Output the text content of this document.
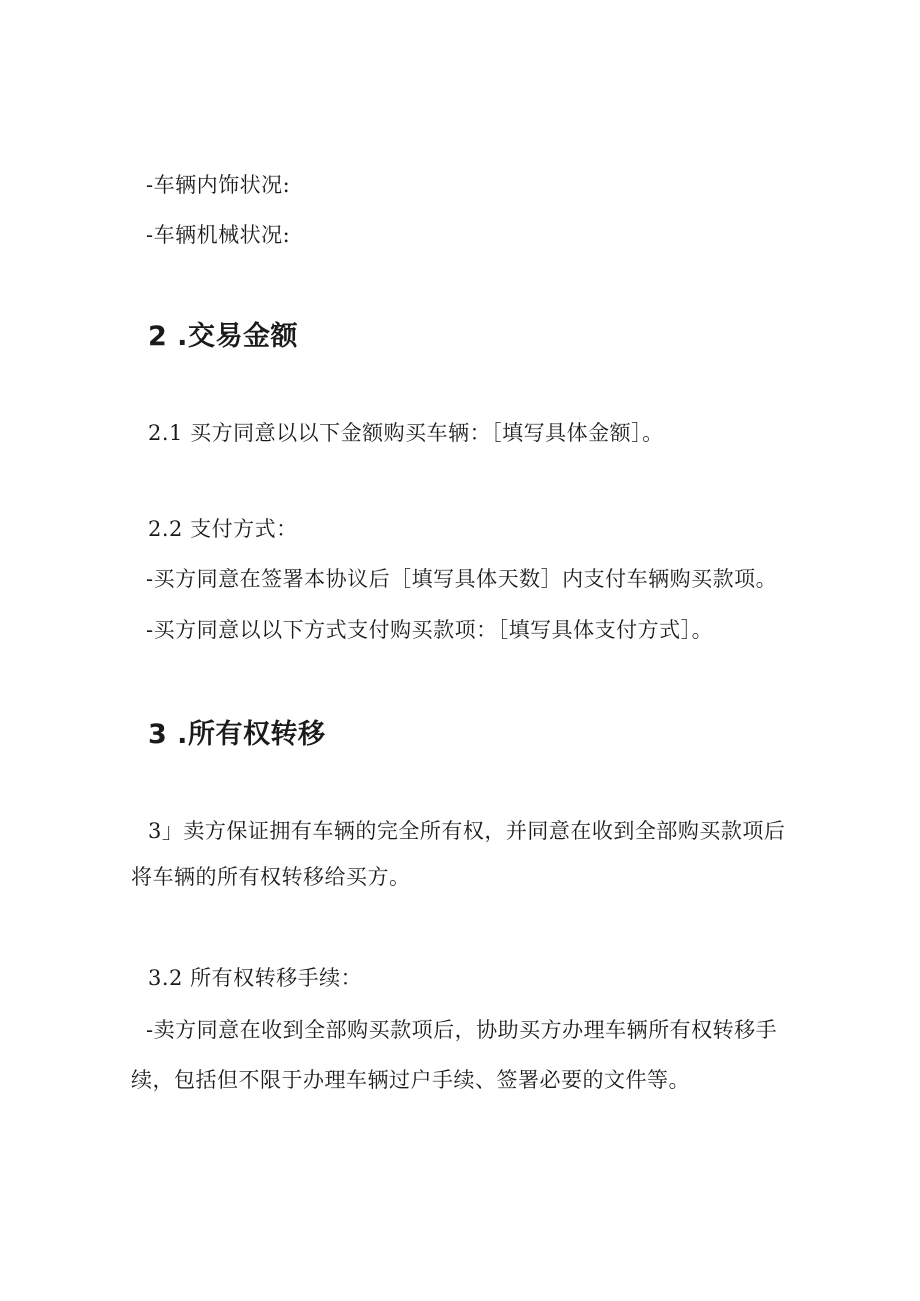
-车辆内饰状况:
-车辆机械状况:
2 .交易金额
2.1 买方同意以以下金额购买车辆：［填写具体金额］。
2.2 支付方式：
-买方同意在签署本协议后［填写具体天数］内支付车辆购买款项。
-买方同意以以下方式支付购买款项：［填写具体支付方式］。
3 .所有权转移
3」卖方保证拥有车辆的完全所有权，并同意在收到全部购买款项后
将车辆的所有权转移给买方。
3.2 所有权转移手续：
-卖方同意在收到全部购买款项后，协助买方办理车辆所有权转移手
续，包括但不限于办理车辆过户手续、签署必要的文件等。
